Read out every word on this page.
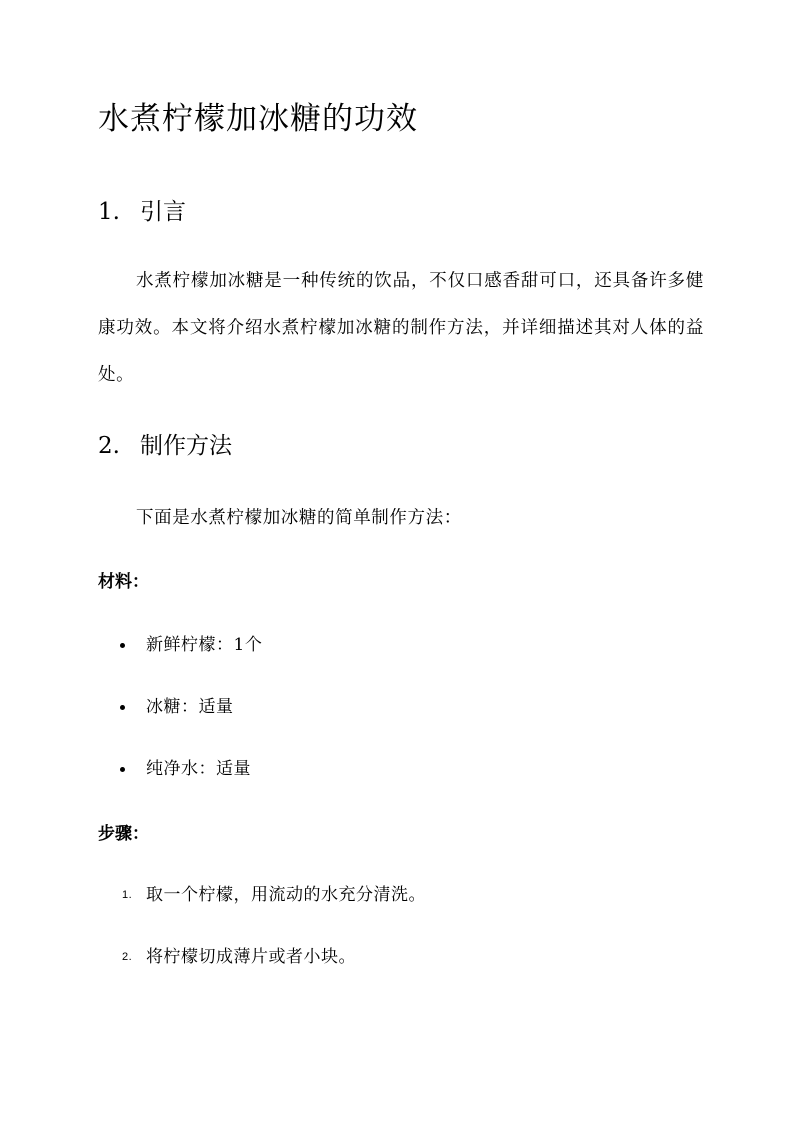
水煮柠檬加冰糖的功效
1. 引言

水煮柠檬加冰糖是一种传统的饮品，不仅口感香甜可口，还具备许多健康功效。本文将介绍水煮柠檬加冰糖的制作方法，并详细描述其对人体的益处。

2. 制作方法

下面是水煮柠檬加冰糖的简单制作方法：

材料：
新鲜柠檬：1个
冰糖：适量
纯净水：适量
步骤：
1. 取一个柠檬，用流动的水充分清洗。
2. 将柠檬切成薄片或者小块。
